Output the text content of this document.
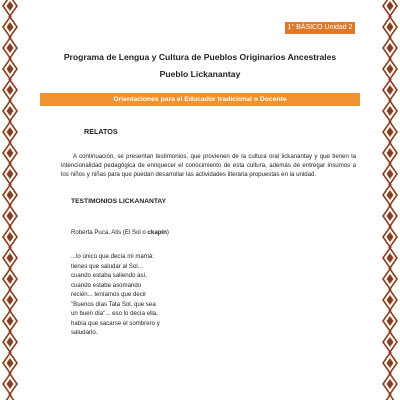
1° BÁSICO Unidad 2
Programa de Lengua y Cultura de Pueblos Originarios Ancestrales
Pueblo Lickanantay
Orientaciones para el Educador tradicional o Docente
RELATOS

A continuación, se presentan testimonios, que provienen de la cultura oral lickanantay y que tienen la intencionalidad pedagógica de enriquecer el conocimiento de esta cultura, además de entregar insumos a los niños y niñas para que puedan desarrollar las actividades literaria propuestas en la unidad.

TESTIMONIOS LICKANANTAY
Roberta Puca, Alis (El Sol o ckapin)

...lo único que decía mi mamá: tienes que saludar al Sol... cuando estaba saliendo así, cuando estabe asomando recién... teníamos que decir "Buenos días Tata Sol, que sea un buen día"... eso lo decía ella, había que sacarse el sombrero y saludarlo.
